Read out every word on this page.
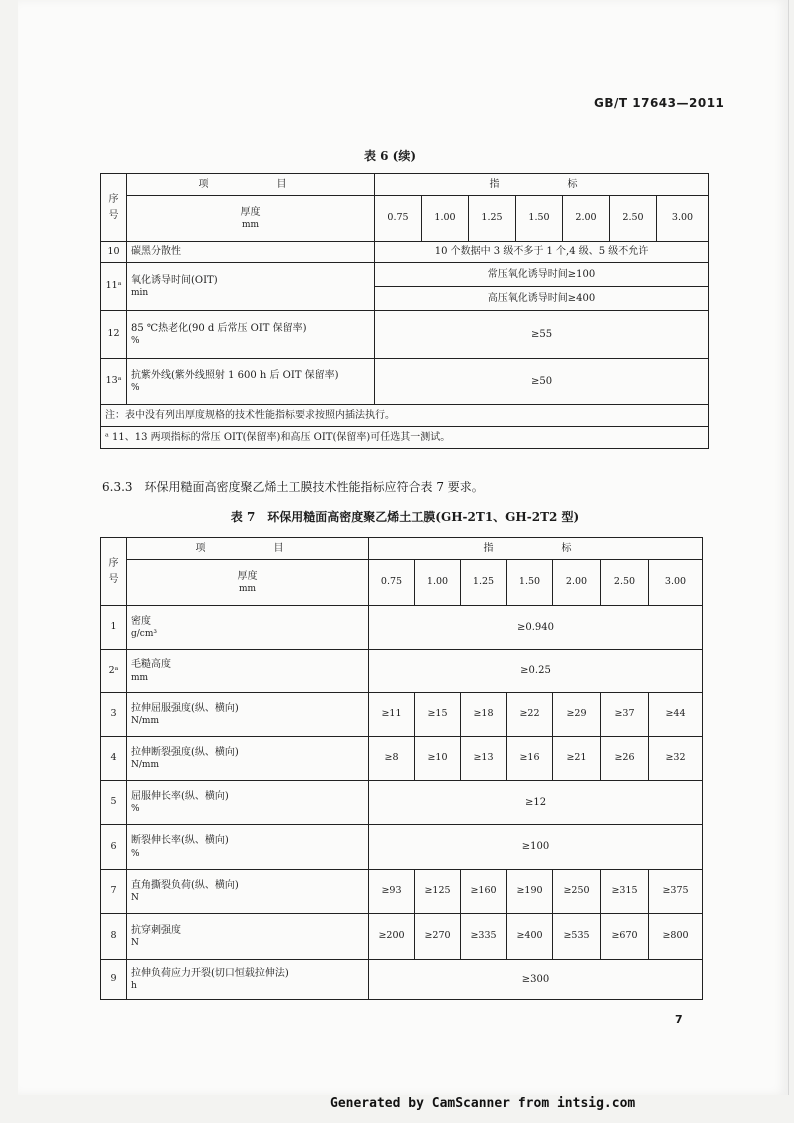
GB/T 17643—2011
表 6 (续)
序号	项　　目	指　　标						
	厚度
mm	0.75	1.00	1.25	1.50	2.00	2.50	3.00
10	碳黑分散性	10 个数据中 3 级不多于 1 个,4 级、5 级不允许						
11ᵃ	氧化诱导时间(OIT)
min	常压氧化诱导时间≥100						
		高压氧化诱导时间≥400						
12	85 ℃热老化(90 d 后常压 OIT 保留率)
%	≥55						
13ᵃ	抗紫外线(紫外线照射 1 600 h 后 OIT 保留率)
%	≥50						
注：表中没有列出厚度规格的技术性能指标要求按照内插法执行。								
ᵃ 11、13 两项指标的常压 OIT(保留率)和高压 OIT(保留率)可任选其一测试。								
6.3.3　环保用糙面高密度聚乙烯土工膜技术性能指标应符合表 7 要求。
表 7　环保用糙面高密度聚乙烯土工膜(GH-2T1、GH-2T2 型)
序号	项　　目	指　　标						
	厚度
mm	0.75	1.00	1.25	1.50	2.00	2.50	3.00
1	密度
g/cm³	≥0.940						
2ᵃ	毛糙高度
mm	≥0.25						
3	拉伸屈服强度(纵、横向)
N/mm	≥11	≥15	≥18	≥22	≥29	≥37	≥44
4	拉伸断裂强度(纵、横向)
N/mm	≥8	≥10	≥13	≥16	≥21	≥26	≥32
5	屈服伸长率(纵、横向)
%	≥12						
6	断裂伸长率(纵、横向)
%	≥100						
7	直角撕裂负荷(纵、横向)
N	≥93	≥125	≥160	≥190	≥250	≥315	≥375
8	抗穿刺强度
N	≥200	≥270	≥335	≥400	≥535	≥670	≥800
9	拉伸负荷应力开裂(切口恒载拉伸法)
h	≥300						
7
Generated by CamScanner from intsig.com
